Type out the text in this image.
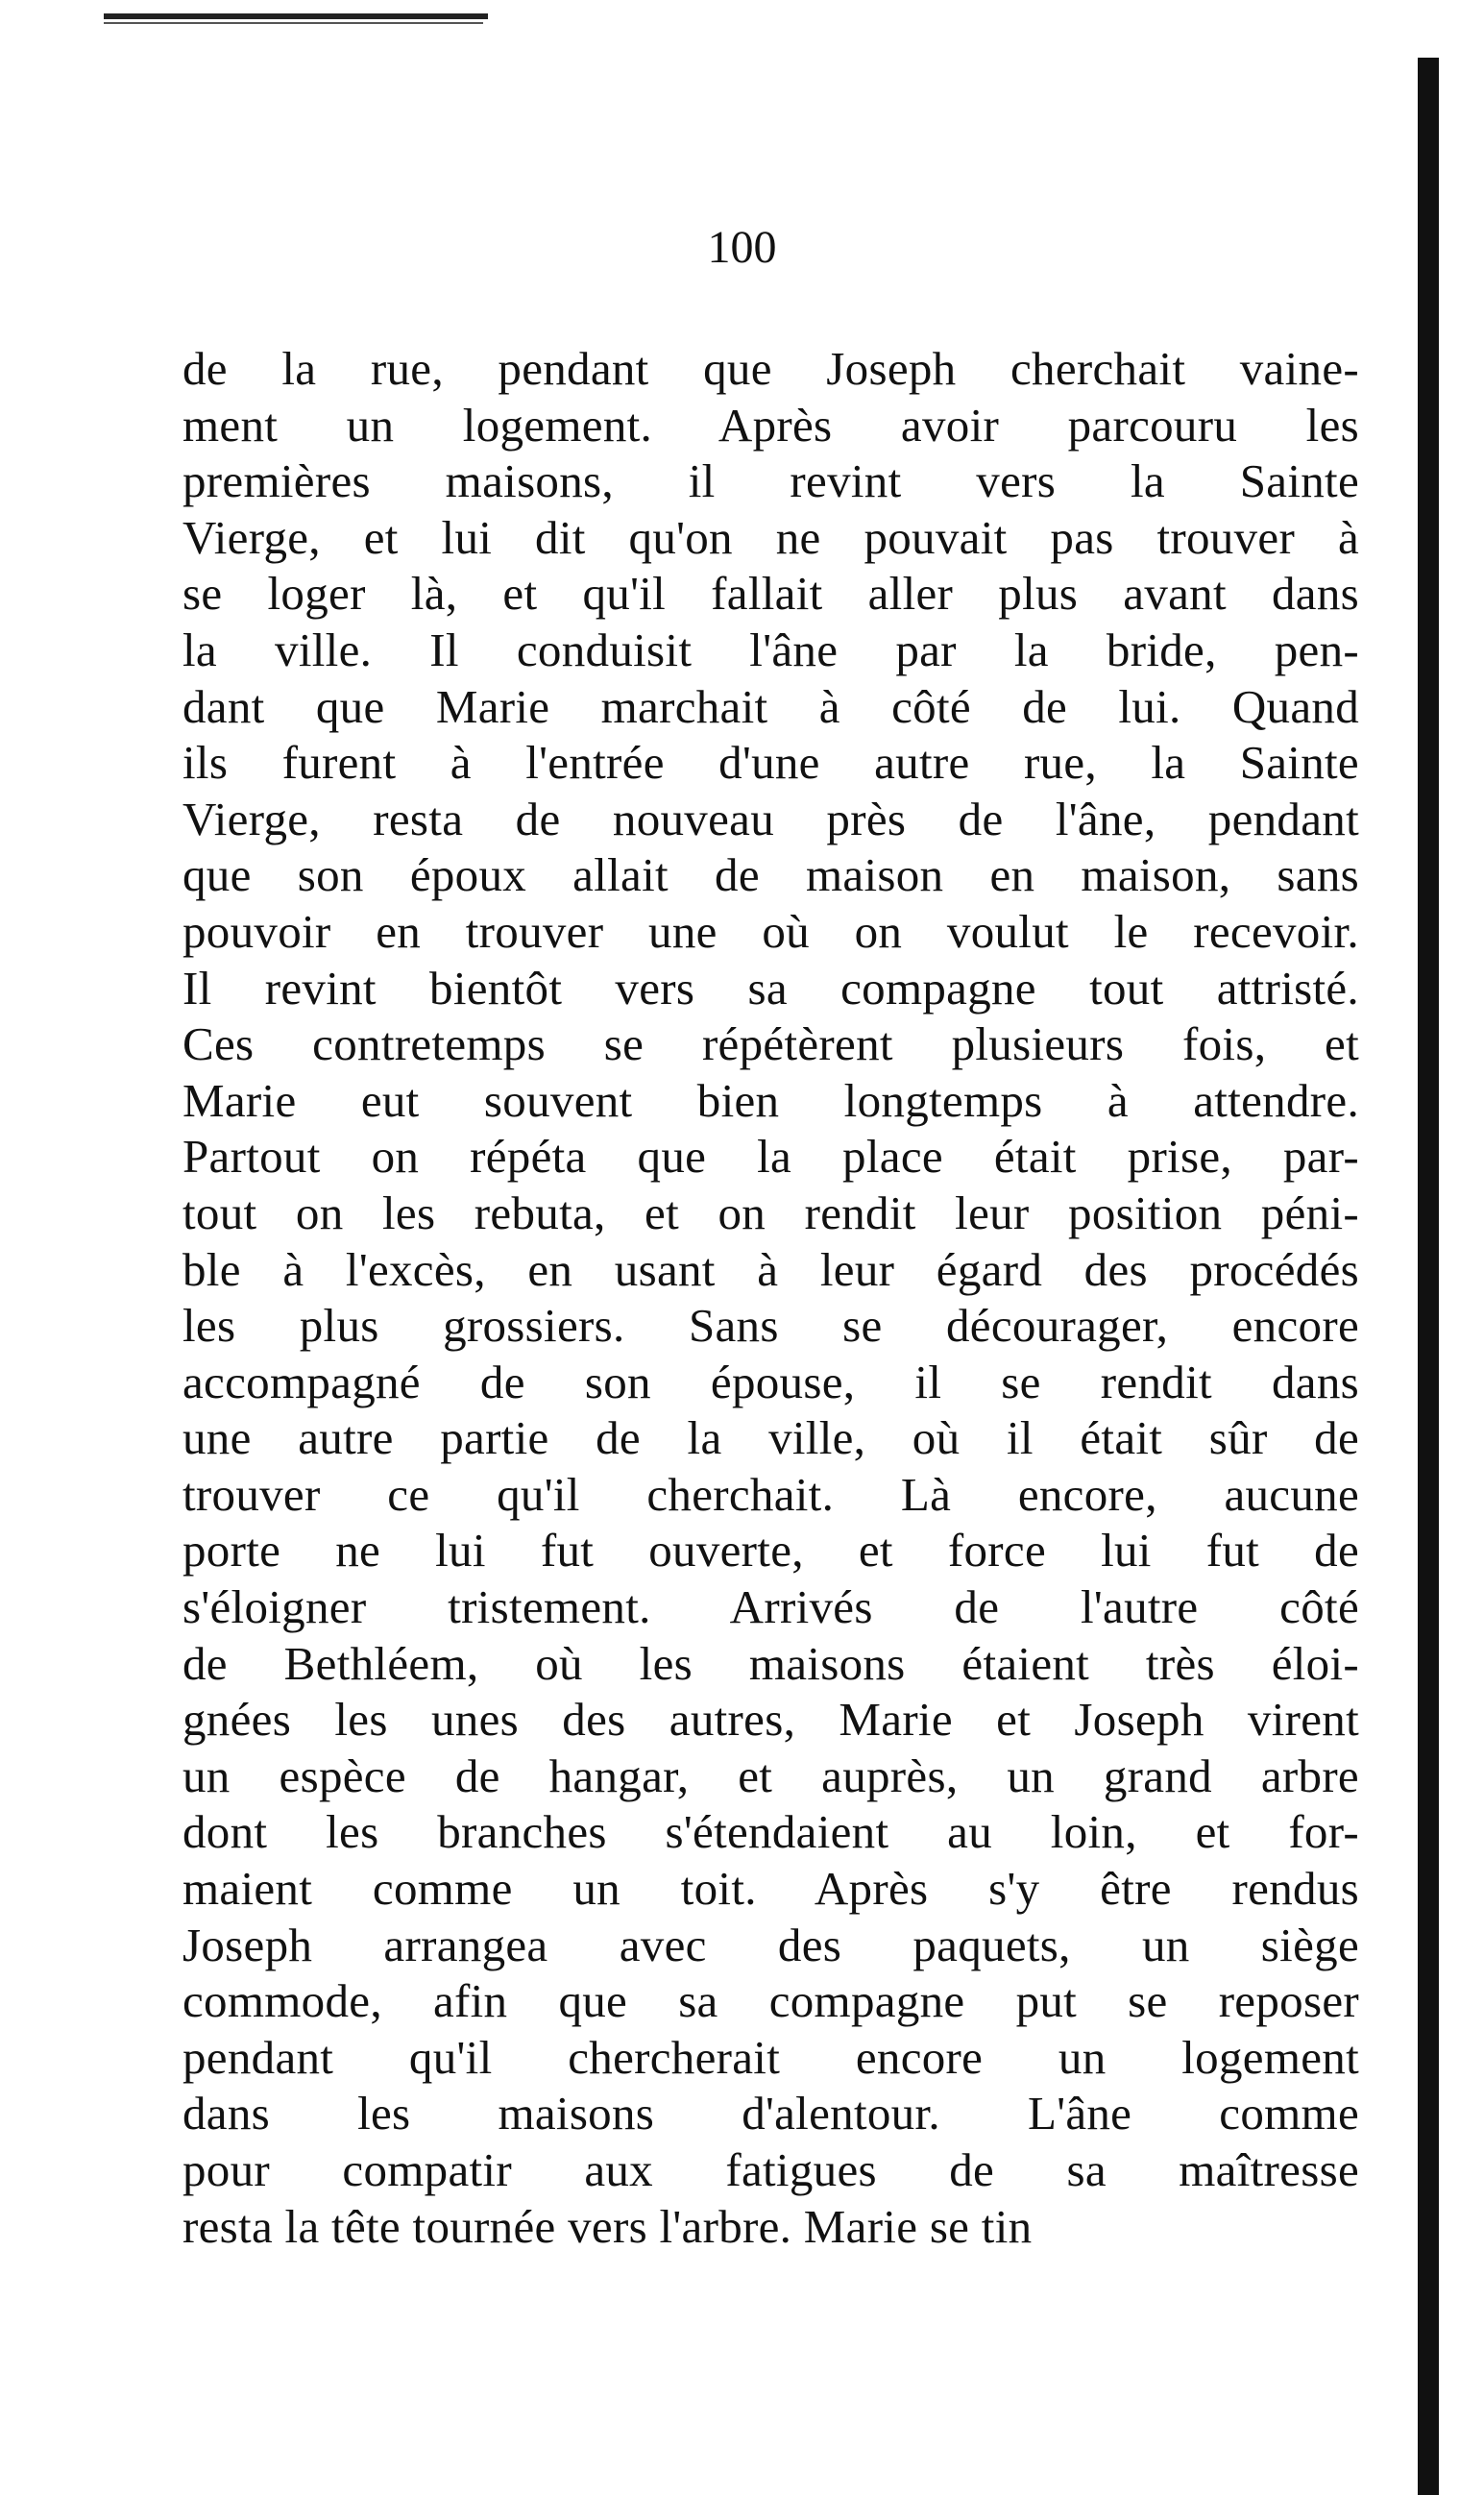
100
de la rue, pendant que Joseph cherchait vaine-
ment un logement. Après avoir parcouru les
premières maisons, il revint vers la Sainte
Vierge, et lui dit qu'on ne pouvait pas trouver à
se loger là, et qu'il fallait aller plus avant dans
la ville. Il conduisit l'âne par la bride, pen-
dant que Marie marchait à côté de lui. Quand
ils furent à l'entrée d'une autre rue, la Sainte
Vierge, resta de nouveau près de l'âne, pendant
que son époux allait de maison en maison, sans
pouvoir en trouver une où on voulut le recevoir.
Il revint bientôt vers sa compagne tout attristé.
Ces contretemps se répétèrent plusieurs fois, et
Marie eut souvent bien longtemps à attendre.
Partout on répéta que la place était prise, par-
tout on les rebuta, et on rendit leur position péni-
ble à l'excès, en usant à leur égard des procédés
les plus grossiers. Sans se décourager, encore
accompagné de son épouse, il se rendit dans
une autre partie de la ville, où il était sûr de
trouver ce qu'il cherchait. Là encore, aucune
porte ne lui fut ouverte, et force lui fut de
s'éloigner tristement. Arrivés de l'autre côté
de Bethléem, où les maisons étaient très éloi-
gnées les unes des autres, Marie et Joseph virent
un espèce de hangar, et auprès, un grand arbre
dont les branches s'étendaient au loin, et for-
maient comme un toit. Après s'y être rendus
Joseph arrangea avec des paquets, un siège
commode, afin que sa compagne put se reposer
pendant qu'il chercherait encore un logement
dans les maisons d'alentour. L'âne comme
pour compatir aux fatigues de sa maîtresse
resta la tête tournée vers l'arbre. Marie se tin
